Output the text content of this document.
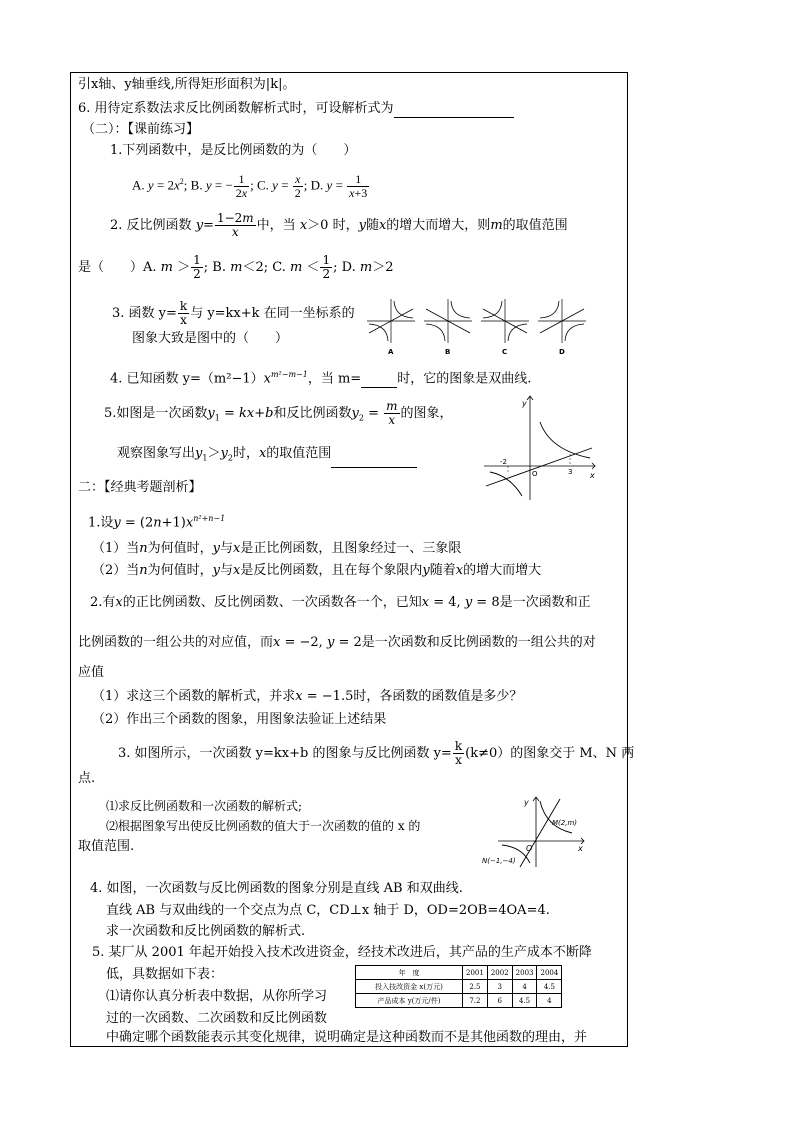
引x轴、y轴垂线,所得矩形面积为|k|。
6. 用待定系数法求反比例函数解析式时，可设解析式为
（二）：【课前练习】
1.下列函数中，是反比例函数的为（　　）
A. $y = 2x^2$; B. y = − $\frac{1}{2x}$ ; C. $y = \frac{x}{2}$ ; D. $y = \frac{1}{x+3}$
2. 反比例函数 $y= \frac{1-2m}{x}$ 中，当 x＞0 时，y随x的增大而增大，则m的取值范围
是（　　）A. $m > \frac{1}{2}$ ; B. m＜2; C. $m < \frac{1}{2}$ ; D. m＞2
3. 函数 $y= \frac{k}{x}$ 与 y=kx+k 在同一坐标系的
图象大致是图中的（　　）
A	B	C	D
4. 已知函数 $y=(m^2-1)x^{m^2-m-1}$，当 m=	时，它的图象是双曲线.
5.如图是一次函数$y_1 = kx+b$和反比例函数$y_2 = \frac{m}{x}$ 的图象，
观察图象写出$y_1>y_2$时，x的取值范围
y
x
-2
O	3
二：【经典考题剖析】
1.设$y = (2n+1)x^{n^2+n-1}$
（1）当n为何值时，y与x是正比例函数，且图象经过一、三象限
（2）当n为何值时，y与x是反比例函数，且在每个象限内y随着x的增大而增大
2.有x的正比例函数、反比例函数、一次函数各一个，已知x = 4, y = 8是一次函数和正
比例函数的一组公共的对应值，而x = −2, y = 2是一次函数和反比例函数的一组公共的对
应值
（1）求这三个函数的解析式，并求x = −1.5时，各函数的函数值是多少？
（2）作出三个函数的图象，用图象法验证上述结果
3. 如图所示，一次函数 y=kx+b 的图象与反比例函数 $y= \frac{k}{x} (k\ne 0)$的图象交于 M、N 两
点.
⑴求反比例函数和一次函数的解析式;
⑵根据图象写出使反比例函数的值大于一次函数的值的 x 的
取值范围.
y
x
O
M(2,m)
N(−1,−4)
4. 如图，一次函数与反比例函数的图象分别是直线 AB 和双曲线.
直线 AB 与双曲线的一个交点为点 C，CD⊥x 轴于 D，OD=2OB=4OA=4.
求一次函数和反比例函数的解析式.
5. 某厂从 2001 年起开始投入技术改进资金，经技术改进后，其产品的生产成本不断降
低，具数据如下表：
⑴请你认真分析表中数据，从你所学习
过的一次函数、二次函数和反比例函数
中确定哪个函数能表示其变化规律，说明确定是这种函数而不是其他函数的理由，并
年　度	2001	2002	2003	2004
投入技改资金 x(万元)	2.5	3	4	4.5
产品成本 y(万元/件)	7.2	6	4.5	4
